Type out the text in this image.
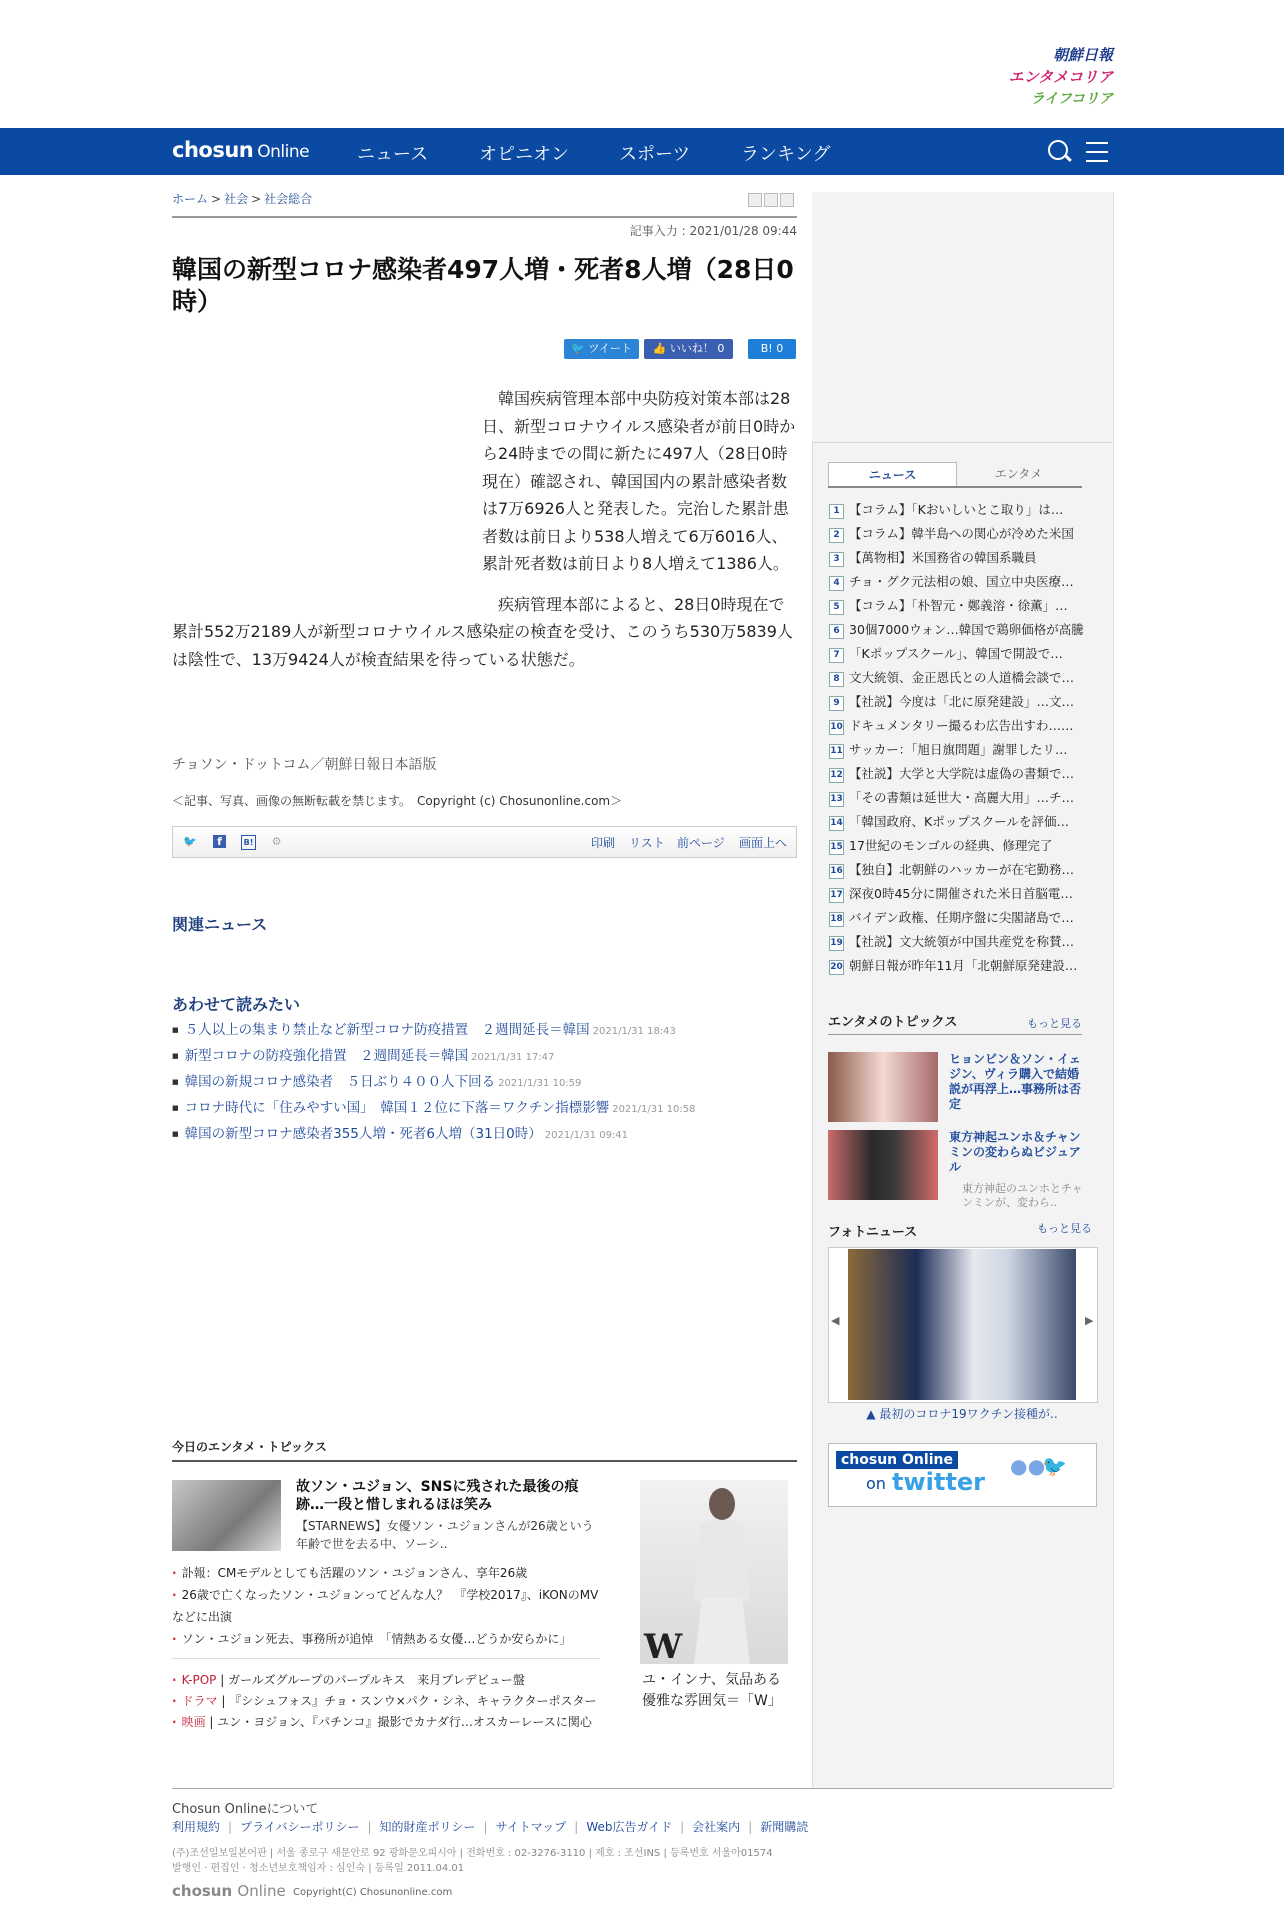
朝鮮日報
エンタメコリア
ライフコリア
chosun Online	ニュース	オピニオン	スポーツ	ランキング
ホーム > 社会 > 社会総合
記事入力 : 2021/01/28 09:44
韓国の新型コロナ感染者497人増・死者8人増（28日0時）
🐦 ツイート	👍 いいね！ 0	B! 0

韓国疾病管理本部中央防疫対策本部は28日、新型コロナウイルス感染者が前日0時から24時までの間に新たに497人（28日0時現在）確認され、韓国国内の累計感染者数は7万6926人と発表した。完治した累計患者数は前日より538人増えて6万6016人、累計死者数は前日より8人増えて1386人。

疾病管理本部によると、28日0時現在で累計552万2189人が新型コロナウイルス感染症の検査を受け、このうち530万5839人は陰性で、13万9424人が検査結果を待っている状態だ。

チョソン・ドットコム／朝鮮日報日本語版
＜記事、写真、画像の無断転載を禁じます。　Copyright (c) Chosunonline.com＞
🐦	f	B! ⚙	印刷 リスト 前ページ 画面上へ
関連ニュース
あわせて読みたい
■ ５人以上の集まり禁止など新型コロナ防疫措置　２週間延長＝韓国 2021/1/31 18:43
■ 新型コロナの防疫強化措置　２週間延長＝韓国 2021/1/31 17:47
■ 韓国の新規コロナ感染者　５日ぶり４００人下回る 2021/1/31 10:59
■ コロナ時代に「住みやすい国」　韓国１２位に下落＝ワクチン指標影響 2021/1/31 10:58
■ 韓国の新型コロナ感染者355人増・死者6人増（31日0時） 2021/1/31 09:41
今日のエンタメ・トピックス
故ソン・ユジョン、SNSに残された最後の痕跡…一段と惜しまれるほほ笑み
【STARNEWS】女優ソン・ユジョンさんが26歳という年齢で世を去る中、ソーシ..
· 訃報：CMモデルとしても活躍のソン・ユジョンさん、享年26歳
· 26歳で亡くなったソン・ユジョンってどんな人？　『学校2017』、iKONのMVなどに出演
· ソン・ユジョン死去、事務所が追悼　「情熱ある女優…どうか安らかに」
· K-POP | ガールズグループのパープルキス　来月プレデビュー盤
· ドラマ | 『シシュフォス』チョ・スンウ×パク・シネ、キャラクターポスター
· 映画 | ユン・ヨジョン、『パチンコ』撮影でカナダ行…オスカーレースに関心
W
ユ・インナ、気品ある優雅な雰囲気＝「W」
ニュース	エンタメ
1 【コラム】「Kおいしいとこ取り」は…
2 【コラム】韓半島への関心が冷めた米国
3 【萬物相】米国務省の韓国系職員
4 チョ・グク元法相の娘、国立中央医療…
5 【コラム】「朴智元・鄭義溶・徐薫」…
6 30個7000ウォン…韓国で鶏卵価格が高騰
7 「Kポップスクール」、韓国で開設で…
8 文大統領、金正恩氏との人道橋会談で…
9 【社説】今度は「北に原発建設」…文…
10 ドキュメンタリー撮るわ広告出すわ……
11 サッカー：「旭日旗問題」謝罪したリ…
12 【社説】大学と大学院は虚偽の書類で…
13 「その書類は延世大・高麗大用」…チ…
14 「韓国政府、Kポップスクールを評価…
15 17世紀のモンゴルの経典、修理完了
16 【独自】北朝鮮のハッカーが在宅勤務…
17 深夜0時45分に開催された米日首脳電…
18 バイデン政権、任期序盤に尖閣諸島で…
19 【社説】文大統領が中国共産党を称賛…
20 朝鮮日報が昨年11月「北朝鮮原発建設…
エンタメのトピックス	もっと見る
ヒョンビン＆ソン・イェジン、ヴィラ購入で結婚説が再浮上…事務所は否定
東方神起ユンホ＆チャンミンの変わらぬビジュアル
東方神起のユンホとチャンミンが、変わら..
フォトニュース	もっと見る
◀	▶
▲ 最初のコロナ19ワクチン接種が..
chosun Online
on twitter
● ●🐦
Chosun Onlineについて
利用規約 | プライバシーポリシー | 知的財産ポリシー | サイトマップ | Web広告ガイド | 会社案内 | 新聞購読
(주)조선일보일본어판 | 서울 종로구 새문안로 92 광화문오피시아 | 전화번호 : 02-3276-3110 | 제호 : 조선INS | 등록번호 서울아01574
발행인 · 편집인 · 청소년보호책임자 : 심인숙 | 등록일 2011.04.01
chosun Online Copyright(C) Chosunonline.com
